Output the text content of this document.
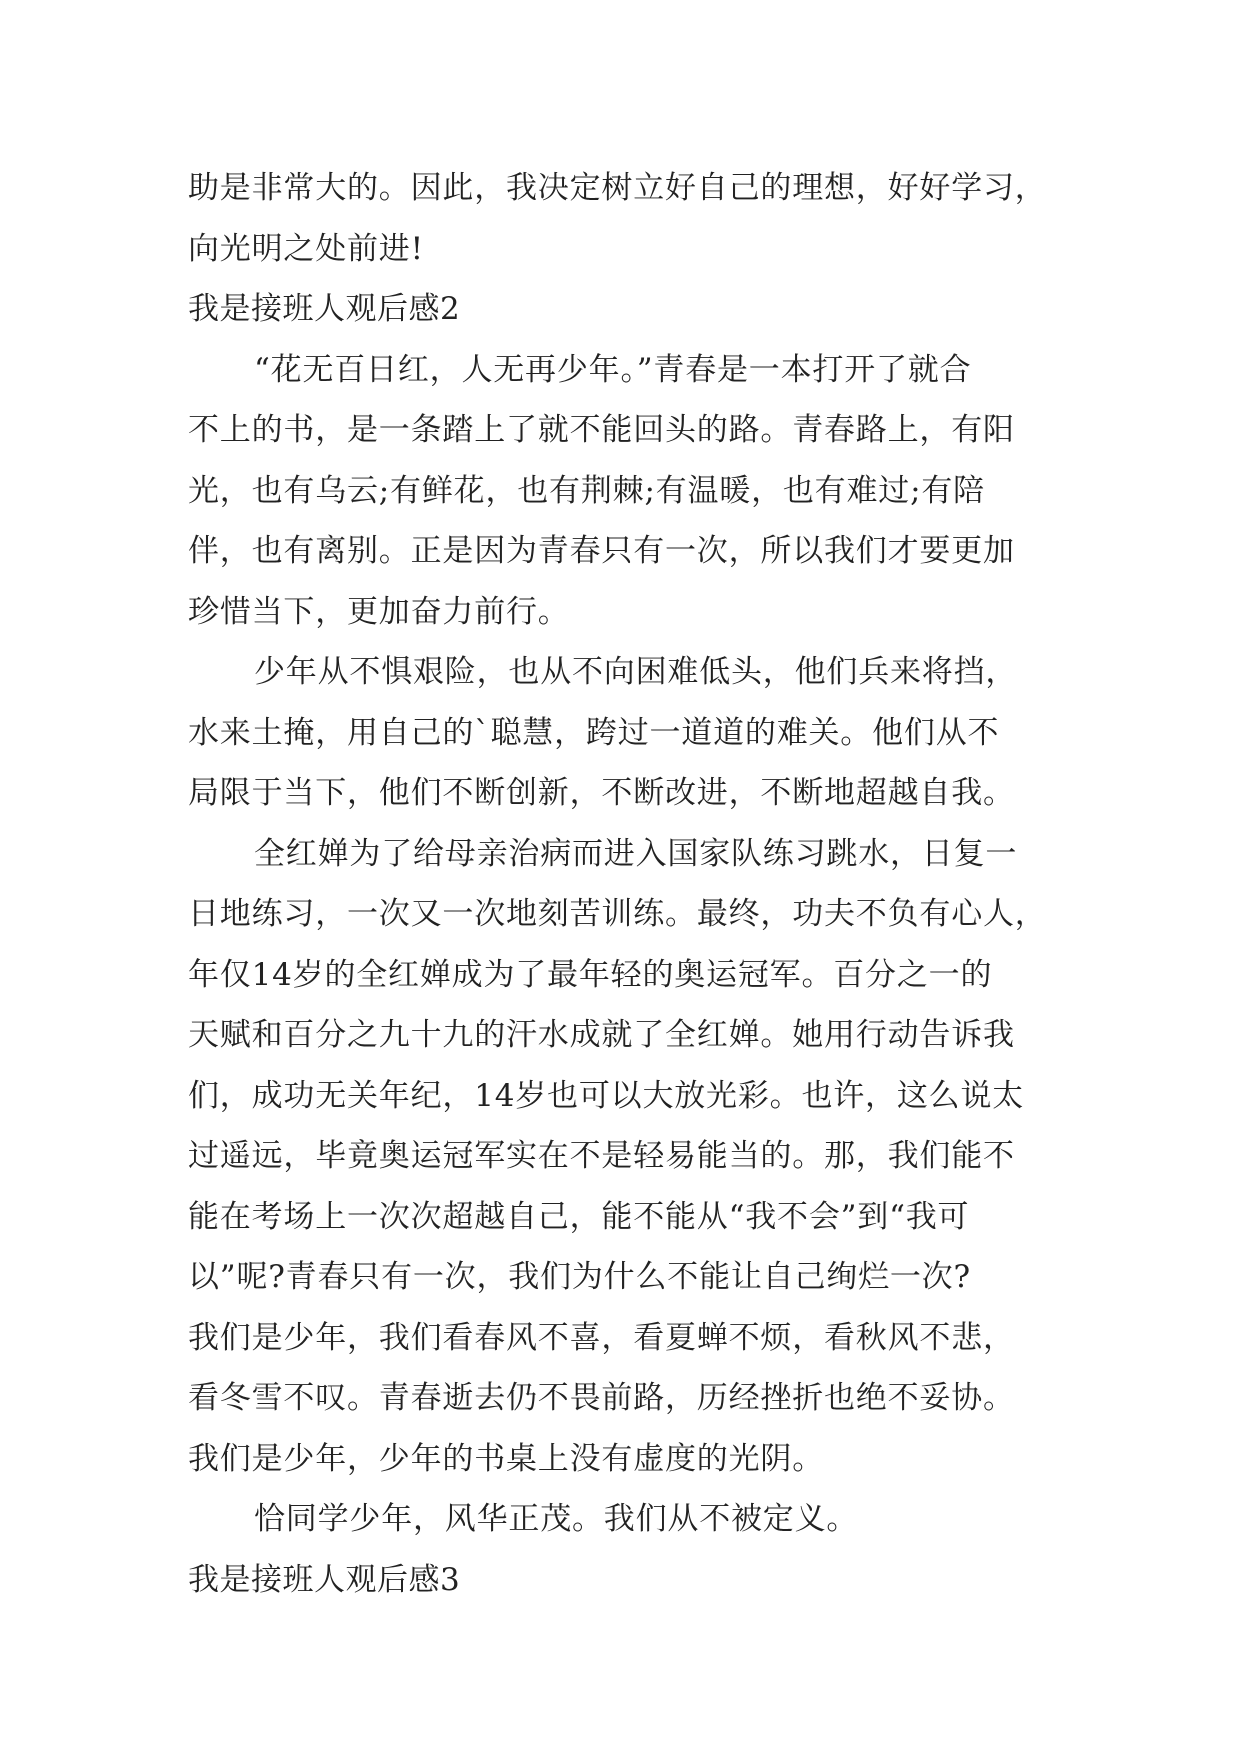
助是非常大的。因此，我决定树立好自己的理想，好好学习，
向光明之处前进!
我是接班人观后感2
“花无百日红，人无再少年。”青春是一本打开了就合
不上的书，是一条踏上了就不能回头的路。青春路上，有阳
光，也有乌云;有鲜花，也有荆棘;有温暖，也有难过;有陪
伴，也有离别。正是因为青春只有一次，所以我们才要更加
珍惜当下，更加奋力前行。
少年从不惧艰险，也从不向困难低头，他们兵来将挡，
水来土掩，用自己的`聪慧，跨过一道道的难关。他们从不
局限于当下，他们不断创新，不断改进，不断地超越自我。
全红婵为了给母亲治病而进入国家队练习跳水，日复一
日地练习，一次又一次地刻苦训练。最终，功夫不负有心人，
年仅14岁的全红婵成为了最年轻的奥运冠军。百分之一的
天赋和百分之九十九的汗水成就了全红婵。她用行动告诉我
们，成功无关年纪，14岁也可以大放光彩。也许，这么说太
过遥远，毕竟奥运冠军实在不是轻易能当的。那，我们能不
能在考场上一次次超越自己，能不能从“我不会”到“我可
以”呢?青春只有一次，我们为什么不能让自己绚烂一次?
我们是少年，我们看春风不喜，看夏蝉不烦，看秋风不悲，
看冬雪不叹。青春逝去仍不畏前路，历经挫折也绝不妥协。
我们是少年，少年的书桌上没有虚度的光阴。
恰同学少年，风华正茂。我们从不被定义。
我是接班人观后感3
